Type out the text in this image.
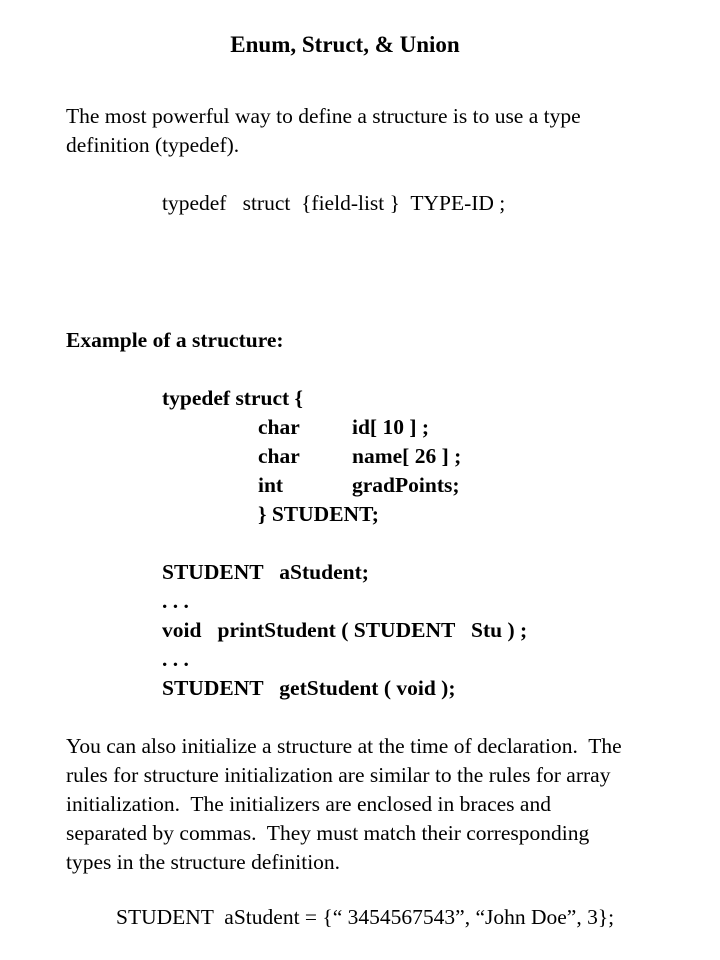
Enum, Struct, & Union
The most powerful way to define a structure is to use a type
definition (typedef).
typedef   struct  {field-list }  TYPE-ID ;
Example of a structure:
typedef struct {
char id[ 10 ] ;
char name[ 26 ] ;
int	gradPoints;
} STUDENT;
STUDENT   aStudent;
. . .
void   printStudent ( STUDENT   Stu ) ;
. . .
STUDENT   getStudent ( void );
You can also initialize a structure at the time of declaration.  The
rules for structure initialization are similar to the rules for array
initialization.  The initializers are enclosed in braces and
separated by commas.  They must match their corresponding
types in the structure definition.
STUDENT  aStudent = {“ 3454567543”, “John Doe”, 3};
